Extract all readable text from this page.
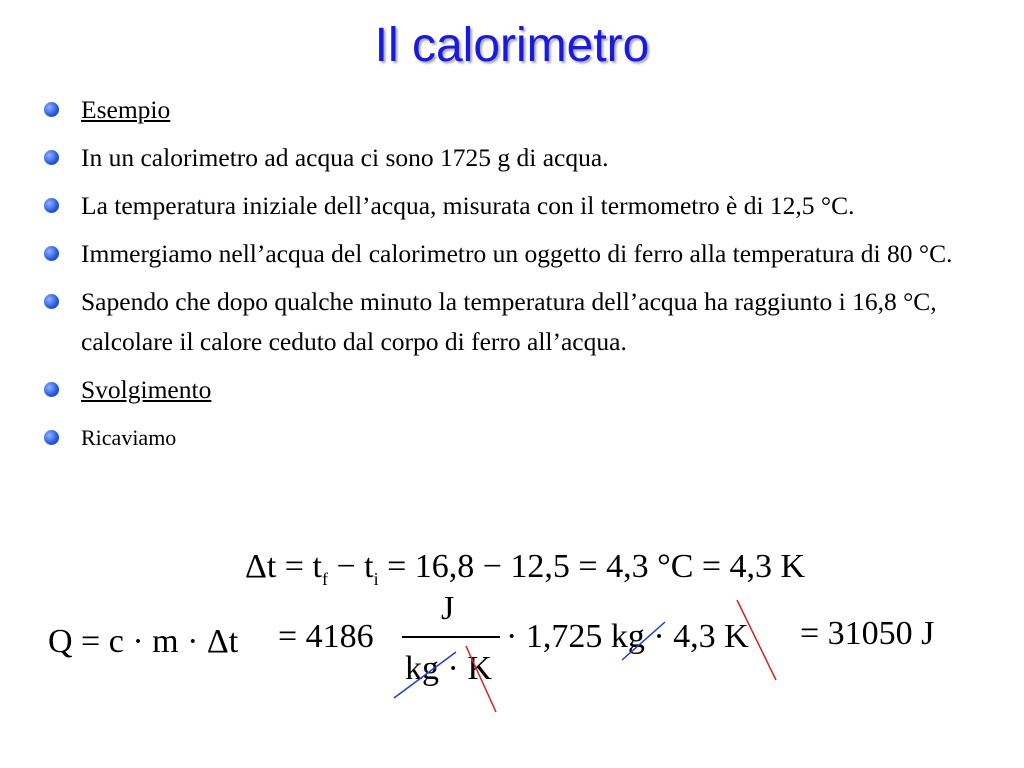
Il calorimetro
Esempio
In un calorimetro ad acqua ci sono 1725 g di acqua.
La temperatura iniziale dell’acqua, misurata con il termometro è di 12,5 °C.
Immergiamo nell’acqua del calorimetro un oggetto di ferro alla temperatura di 80 °C.
Sapendo che dopo qualche minuto la temperatura dell’acqua ha raggiunto i 16,8 °C, calcolare il calore ceduto dal corpo di ferro all’acqua.
Svolgimento
Ricaviamo
$\Delta t = t_f - t_i = 16,8 - 12,5 = 4,3$ °C = 4,3 K
Q = c · m · Δt = 4186
J
kg · K
· 1,725 kg · 4,3 K = 31050 J
